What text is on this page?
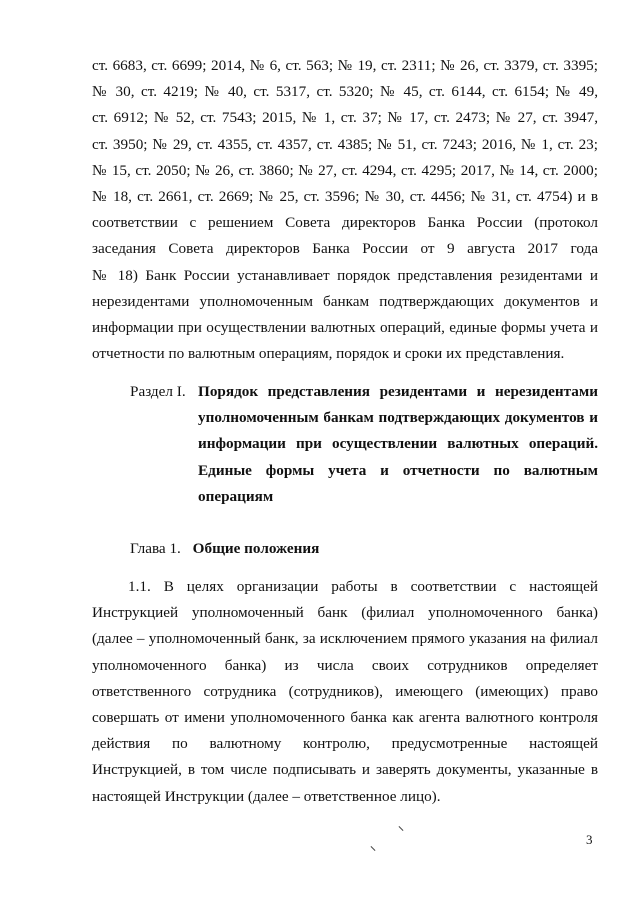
ст. 6683, ст. 6699; 2014, № 6, ст. 563; № 19, ст. 2311; № 26, ст. 3379, ст. 3395;
№ 30, ст. 4219; № 40, ст. 5317, ст. 5320; № 45, ст. 6144, ст. 6154; № 49,
ст. 6912; № 52, ст. 7543; 2015, № 1, ст. 37; № 17, ст. 2473; № 27, ст. 3947,
ст. 3950; № 29, ст. 4355, ст. 4357, ст. 4385; № 51, ст. 7243; 2016, № 1, ст. 23;
№ 15, ст. 2050; № 26, ст. 3860; № 27, ст. 4294, ст. 4295; 2017, № 14, ст. 2000;
№ 18, ст. 2661, ст. 2669; № 25, ст. 3596; № 30, ст. 4456; № 31, ст. 4754) и в
соответствии с решением Совета директоров Банка России (протокол
заседания Совета директоров Банка России от 9 августа 2017 года
№ 18) Банк России устанавливает порядок представления резидентами и
нерезидентами уполномоченным банкам подтверждающих документов и
информации при осуществлении валютных операций, единые формы учета и
отчетности по валютным операциям, порядок и сроки их представления.
Раздел I. Порядок представления резидентами и нерезидентами
уполномоченным банкам подтверждающих документов и
информации при осуществлении валютных операций.
Единые формы учета и отчетности по валютным
операциям
Глава 1. Общие положения
1.1. В целях организации работы в соответствии с настоящей
Инструкцией уполномоченный банк (филиал уполномоченного банка)
(далее – уполномоченный банк, за исключением прямого указания на филиал
уполномоченного банка) из числа своих сотрудников определяет
ответственного сотрудника (сотрудников), имеющего (имеющих) право
совершать от имени уполномоченного банка как агента валютного контроля
действия по валютному контролю, предусмотренные настоящей
Инструкцией, в том числе подписывать и заверять документы, указанные в
настоящей Инструкции (далее – ответственное лицо).
3
